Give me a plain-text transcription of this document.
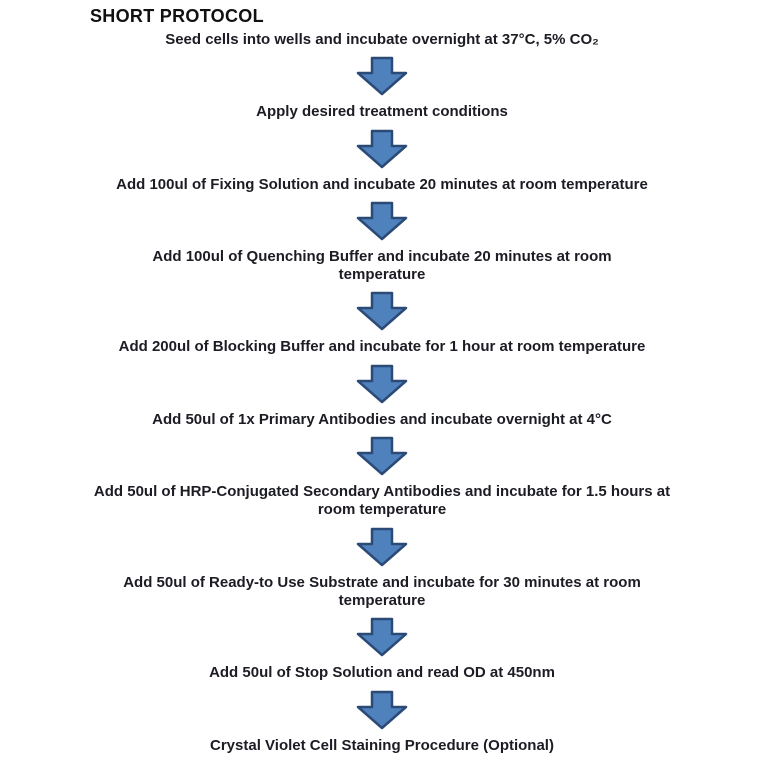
SHORT PROTOCOL
Seed cells into wells and incubate overnight at 37°C, 5% CO₂
Apply desired treatment conditions
Add 100ul of Fixing Solution and incubate 20 minutes at room temperature
Add 100ul of Quenching Buffer and incubate 20 minutes at room temperature
Add 200ul of Blocking Buffer and incubate for 1 hour at room temperature
Add 50ul of 1x Primary Antibodies and incubate overnight at 4°C
Add 50ul of HRP-Conjugated Secondary Antibodies and incubate for 1.5 hours at room temperature
Add 50ul of Ready-to Use Substrate and incubate for 30 minutes at room temperature
Add 50ul of Stop Solution and read OD at 450nm
Crystal Violet Cell Staining Procedure (Optional)
